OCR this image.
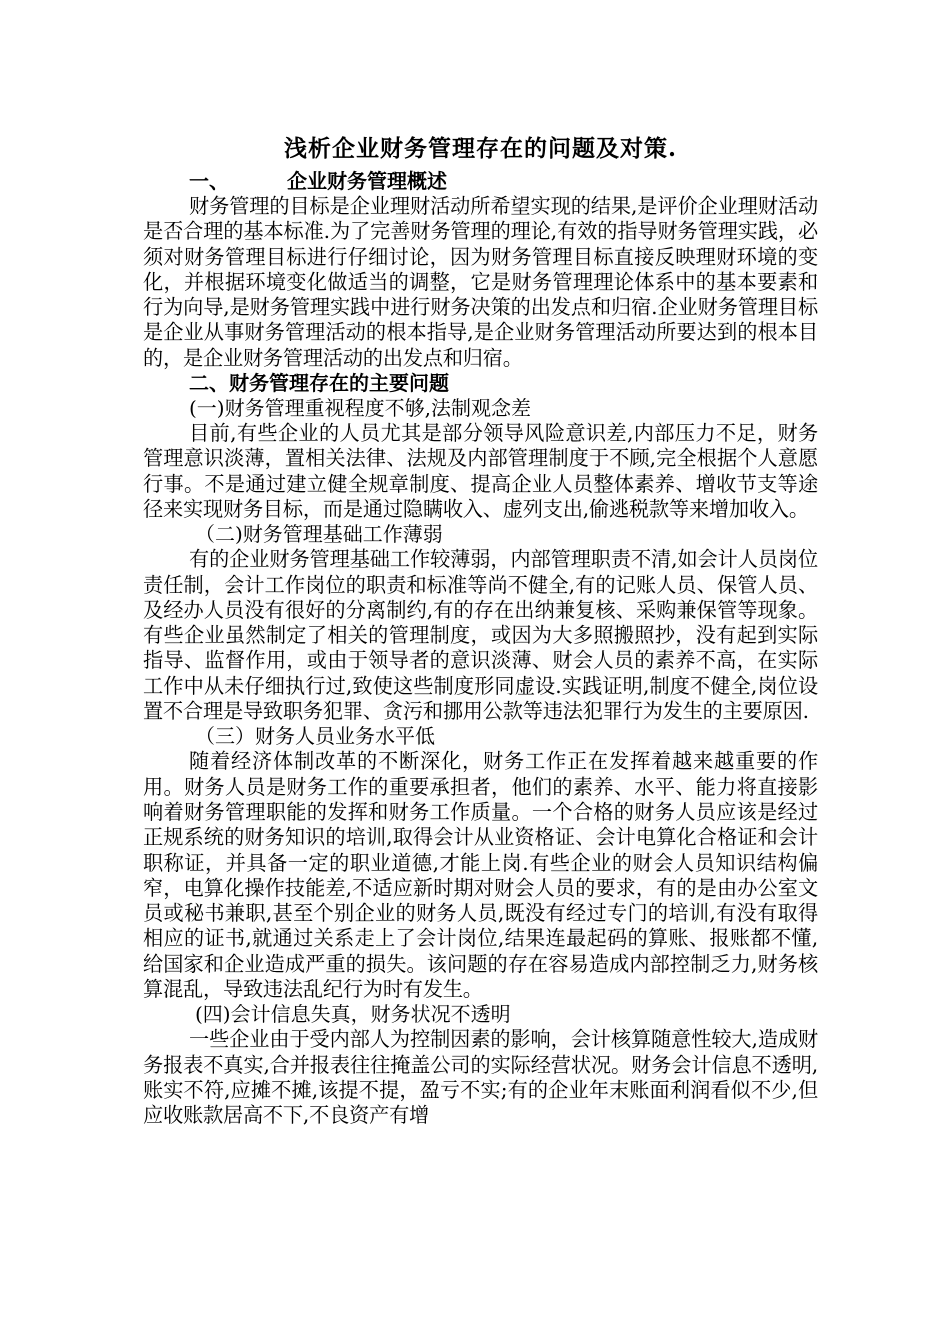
浅析企业财务管理存在的问题及对策.
一、	企业财务管理概述

财务管理的目标是企业理财活动所希望实现的结果,是评价企业理财活动是否合理的基本标准.为了完善财务管理的理论,有效的指导财务管理实践，必须对财务管理目标进行仔细讨论，因为财务管理目标直接反映理财环境的变化，并根据环境变化做适当的调整，它是财务管理理论体系中的基本要素和行为向导,是财务管理实践中进行财务决策的出发点和归宿.企业财务管理目标是企业从事财务管理活动的根本指导,是企业财务管理活动所要达到的根本目的，是企业财务管理活动的出发点和归宿。

二、财务管理存在的主要问题
(一)财务管理重视程度不够,法制观念差

目前,有些企业的人员尤其是部分领导风险意识差,内部压力不足，财务管理意识淡薄，置相关法律、法规及内部管理制度于不顾,完全根据个人意愿行事。不是通过建立健全规章制度、提高企业人员整体素养、增收节支等途径来实现财务目标，而是通过隐瞒收入、虚列支出,偷逃税款等来增加收入。

（二)财务管理基础工作薄弱

有的企业财务管理基础工作较薄弱，内部管理职责不清,如会计人员岗位责任制，会计工作岗位的职责和标准等尚不健全,有的记账人员、保管人员、及经办人员没有很好的分离制约,有的存在出纳兼复核、采购兼保管等现象。有些企业虽然制定了相关的管理制度，或因为大多照搬照抄，没有起到实际指导、监督作用，或由于领导者的意识淡薄、财会人员的素养不高，在实际工作中从未仔细执行过,致使这些制度形同虚设.实践证明,制度不健全,岗位设置不合理是导致职务犯罪、贪污和挪用公款等违法犯罪行为发生的主要原因.

（三）财务人员业务水平低

随着经济体制改革的不断深化，财务工作正在发挥着越来越重要的作用。财务人员是财务工作的重要承担者，他们的素养、水平、能力将直接影响着财务管理职能的发挥和财务工作质量。一个合格的财务人员应该是经过正规系统的财务知识的培训,取得会计从业资格证、会计电算化合格证和会计职称证，并具备一定的职业道德,才能上岗.有些企业的财会人员知识结构偏窄，电算化操作技能差,不适应新时期对财会人员的要求，有的是由办公室文员或秘书兼职,甚至个别企业的财务人员,既没有经过专门的培训,有没有取得相应的证书,就通过关系走上了会计岗位,结果连最起码的算账、报账都不懂,给国家和企业造成严重的损失。该问题的存在容易造成内部控制乏力,财务核算混乱，导致违法乱纪行为时有发生。

(四)会计信息失真，财务状况不透明

一些企业由于受内部人为控制因素的影响，会计核算随意性较大,造成财务报表不真实,合并报表往往掩盖公司的实际经营状况。财务会计信息不透明,账实不符,应摊不摊,该提不提，盈亏不实;有的企业年末账面利润看似不少,但应收账款居高不下,不良资产有增
